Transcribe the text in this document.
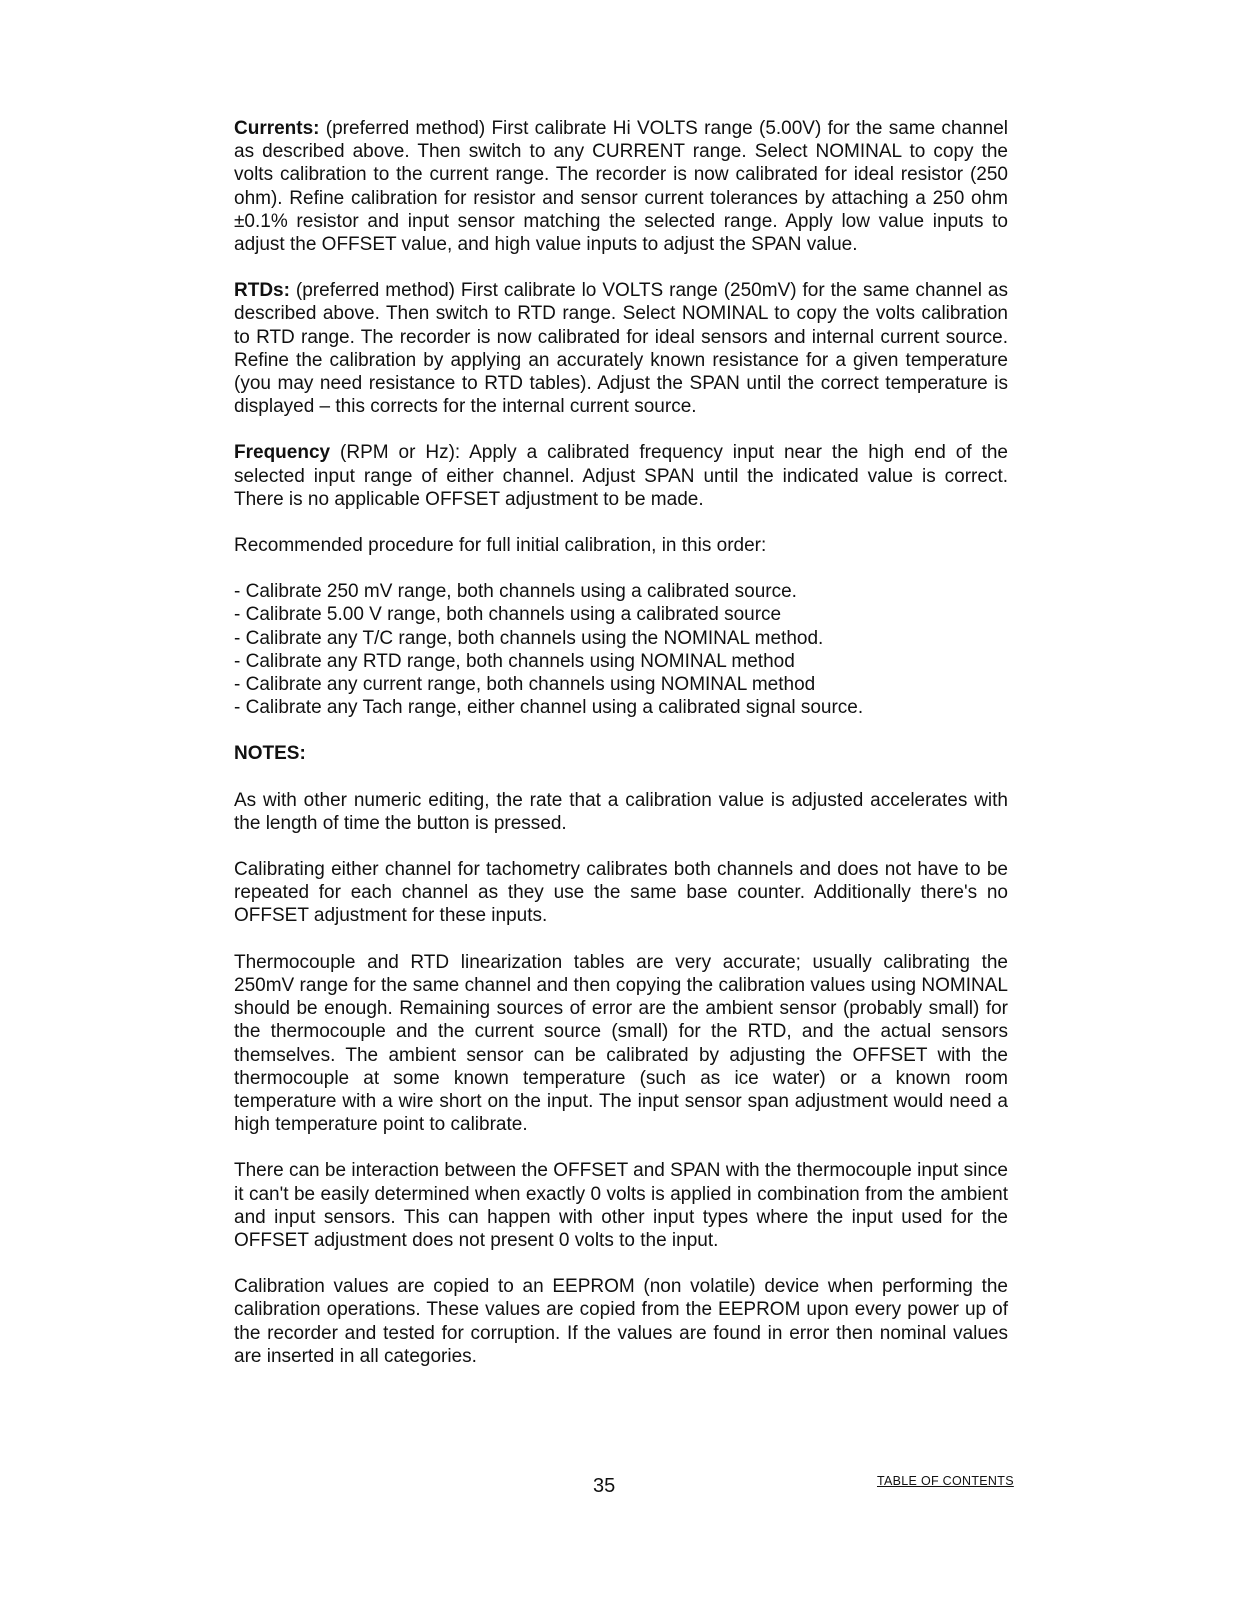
Currents: (preferred method) First calibrate Hi VOLTS range (5.00V) for the same channel as described above. Then switch to any CURRENT range. Select NOMINAL to copy the volts calibration to the current range. The recorder is now calibrated for ideal resistor (250 ohm). Refine calibration for resistor and sensor current tolerances by attaching a 250 ohm ±0.1% resistor and input sensor matching the selected range. Apply low value inputs to adjust the OFFSET value, and high value inputs to adjust the SPAN value.

RTDs: (preferred method) First calibrate lo VOLTS range (250mV) for the same channel as described above. Then switch to RTD range. Select NOMINAL to copy the volts calibration to RTD range. The recorder is now calibrated for ideal sensors and internal current source. Refine the calibration by applying an accurately known resistance for a given temperature (you may need resistance to RTD tables). Adjust the SPAN until the correct temperature is displayed – this corrects for the internal current source.

Frequency (RPM or Hz): Apply a calibrated frequency input near the high end of the selected input range of either channel. Adjust SPAN until the indicated value is correct. There is no applicable OFFSET adjustment to be made.

Recommended procedure for full initial calibration, in this order:

- Calibrate 250 mV range, both channels using a calibrated source.
- Calibrate 5.00 V range, both channels using a calibrated source
- Calibrate any T/C range, both channels using the NOMINAL method.
- Calibrate any RTD range, both channels using NOMINAL method
- Calibrate any current range, both channels using NOMINAL method
- Calibrate any Tach range, either channel using a calibrated signal source.

NOTES:

As with other numeric editing, the rate that a calibration value is adjusted accelerates with the length of time the button is pressed.

Calibrating either channel for tachometry calibrates both channels and does not have to be repeated for each channel as they use the same base counter. Additionally there's no OFFSET adjustment for these inputs.

Thermocouple and RTD linearization tables are very accurate; usually calibrating the 250mV range for the same channel and then copying the calibration values using NOMINAL should be enough. Remaining sources of error are the ambient sensor (probably small) for the thermocouple and the current source (small) for the RTD, and the actual sensors themselves. The ambient sensor can be calibrated by adjusting the OFFSET with the thermocouple at some known temperature (such as ice water) or a known room temperature with a wire short on the input. The input sensor span adjustment would need a high temperature point to calibrate.

There can be interaction between the OFFSET and SPAN with the thermocouple input since it can't be easily determined when exactly 0 volts is applied in combination from the ambient and input sensors. This can happen with other input types where the input used for the OFFSET adjustment does not present 0 volts to the input.

Calibration values are copied to an EEPROM (non volatile) device when performing the calibration operations. These values are copied from the EEPROM upon every power up of the recorder and tested for corruption. If the values are found in error then nominal values are inserted in all categories.

35	TABLE OF CONTENTS
